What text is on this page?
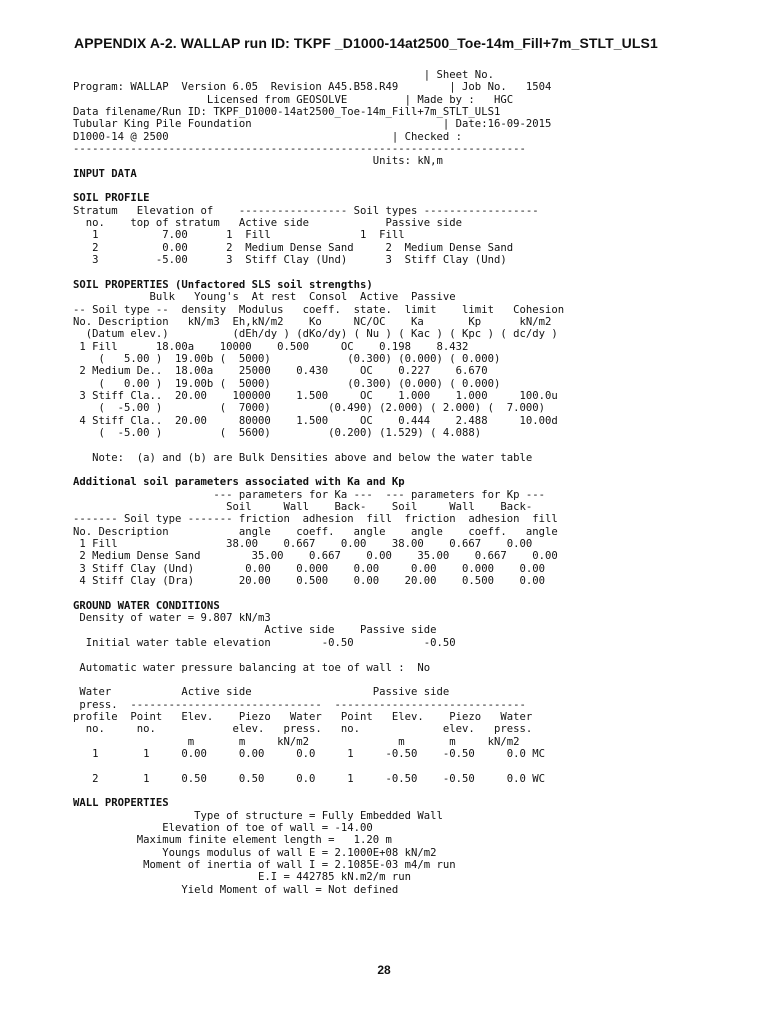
APPENDIX A-2. WALLAP run ID: TKPF _D1000-14at2500_Toe-14m_Fill+7m_STLT_ULS1
| Sheet No.
Program: WALLAP  Version 6.05  Revision A45.B58.R49        | Job No.   1504
Licensed from GEOSOLVE         | Made by :   HGC
Data filename/Run ID: TKPF_D1000-14at2500_Toe-14m_Fill+7m_STLT_ULS1
Tubular King Pile Foundation                              | Date:16-09-2015
D1000-14 @ 2500                                   | Checked :
-----------------------------------------------------------------------
Units: kN,m
INPUT DATA

SOIL PROFILE
Stratum   Elevation of    ----------------- Soil types ------------------
no.    top of stratum   Active side            Passive side
1          7.00      1  Fill              1  Fill
2          0.00      2  Medium Dense Sand     2  Medium Dense Sand
3         -5.00      3  Stiff Clay (Und)      3  Stiff Clay (Und)

SOIL PROPERTIES (Unfactored SLS soil strengths)
Bulk   Young's  At rest  Consol  Active  Passive
-- Soil type --  density  Modulus   coeff.  state.  limit    limit   Cohesion
No. Description   kN/m3  Eh,kN/m2    Ko     NC/OC    Ka       Kp      kN/m2
(Datum elev.)          (dEh/dy ) (dKo/dy) ( Nu ) ( Kac ) ( Kpc ) ( dc/dy )
1 Fill      18.00a    10000    0.500     OC    0.198    8.432
(   5.00 )  19.00b (  5000)            (0.300) (0.000) ( 0.000)
2 Medium De..  18.00a    25000    0.430     OC    0.227    6.670
(   0.00 )  19.00b (  5000)            (0.300) (0.000) ( 0.000)
3 Stiff Cla..  20.00    100000    1.500     OC    1.000    1.000     100.0u
(  -5.00 )         (  7000)         (0.490) (2.000) ( 2.000) (  7.000)
4 Stiff Cla..  20.00     80000    1.500     OC    0.444    2.488     10.00d
(  -5.00 )         (  5600)         (0.200) (1.529) ( 4.088)

Note:  (a) and (b) are Bulk Densities above and below the water table

Additional soil parameters associated with Ka and Kp
--- parameters for Ka ---  --- parameters for Kp ---
Soil     Wall    Back-    Soil     Wall    Back-
------- Soil type ------- friction  adhesion  fill  friction  adhesion  fill
No. Description           angle    coeff.   angle    angle    coeff.   angle
1 Fill                 38.00    0.667    0.00    38.00    0.667    0.00
2 Medium Dense Sand        35.00    0.667    0.00    35.00    0.667    0.00
3 Stiff Clay (Und)        0.00    0.000    0.00     0.00    0.000    0.00
4 Stiff Clay (Dra)       20.00    0.500    0.00    20.00    0.500    0.00

GROUND WATER CONDITIONS
Density of water = 9.807 kN/m3
Active side    Passive side
Initial water table elevation        -0.50           -0.50

Automatic water pressure balancing at toe of wall :  No

Water           Active side                   Passive side
press.  ------------------------------  ------------------------------
profile  Point   Elev.    Piezo   Water   Point   Elev.    Piezo   Water
no.     no.            elev.   press.   no.             elev.   press.
m       m     kN/m2              m       m     kN/m2
1       1     0.00     0.00     0.0     1     -0.50    -0.50     0.0 MC

2       1     0.50     0.50     0.0     1     -0.50    -0.50     0.0 WC

WALL PROPERTIES
Type of structure = Fully Embedded Wall
Elevation of toe of wall = -14.00
Maximum finite element length =   1.20 m
Youngs modulus of wall E = 2.1000E+08 kN/m2
Moment of inertia of wall I = 2.1085E-03 m4/m run
E.I = 442785 kN.m2/m run
Yield Moment of wall = Not defined

28
